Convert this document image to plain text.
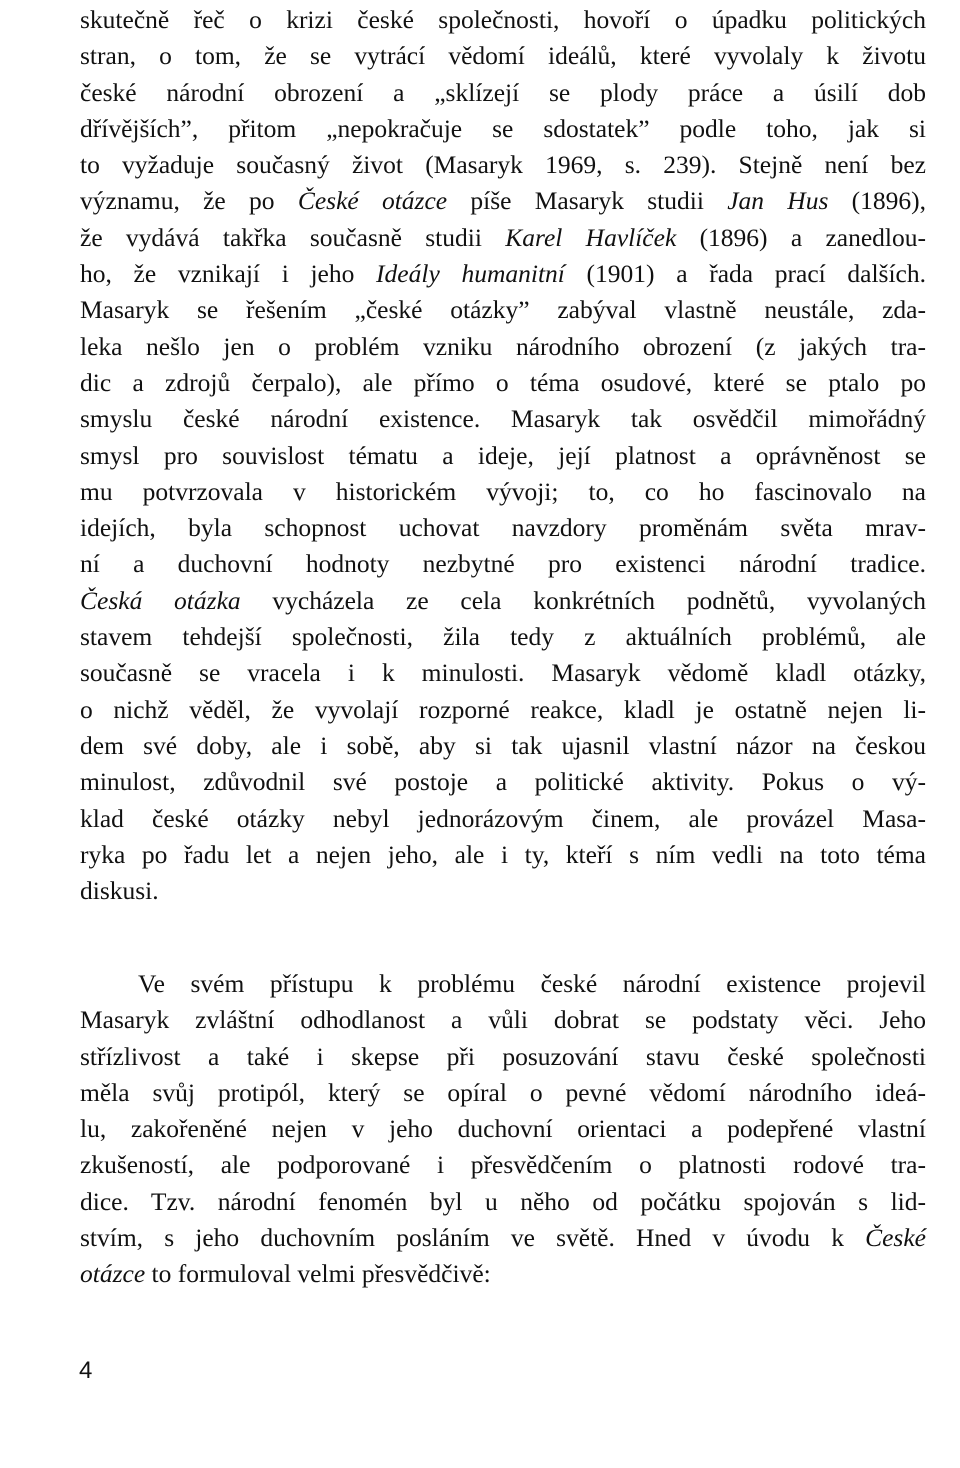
skutečně řeč o krizi české společnosti, hovoří o úpadku politických
stran, o tom, že se vytrácí vědomí ideálů, které vyvolaly k životu
české národní obrození a „sklízejí se plody práce a úsilí dob
dřívějších”, přitom „nepokračuje se sdostatek” podle toho, jak si
to vyžaduje současný život (Masaryk 1969, s. 239). Stejně není bez
významu, že po České otázce píše Masaryk studii Jan Hus (1896),
že vydává takřka současně studii Karel Havlíček (1896) a zanedlou-
ho, že vznikají i jeho Ideály humanitní (1901) a řada prací dalších.
Masaryk se řešením „české otázky” zabýval vlastně neustále, zda-
leka nešlo jen o problém vzniku národního obrození (z jakých tra-
dic a zdrojů čerpalo), ale přímo o téma osudové, které se ptalo po
smyslu české národní existence. Masaryk tak osvědčil mimořádný
smysl pro souvislost tématu a ideje, její platnost a oprávněnost se
mu potvrzovala v historickém vývoji; to, co ho fascinovalo na
idejích, byla schopnost uchovat navzdory proměnám světa mrav-
ní a duchovní hodnoty nezbytné pro existenci národní tradice.
Česká otázka vycházela ze cela konkrétních podnětů, vyvolaných
stavem tehdejší společnosti, žila tedy z aktuálních problémů, ale
současně se vracela i k minulosti. Masaryk vědomě kladl otázky,
o nichž věděl, že vyvolají rozporné reakce, kladl je ostatně nejen li-
dem své doby, ale i sobě, aby si tak ujasnil vlastní názor na českou
minulost, zdůvodnil své postoje a politické aktivity. Pokus o vý-
klad české otázky nebyl jednorázovým činem, ale provázel Masa-
ryka po řadu let a nejen jeho, ale i ty, kteří s ním vedli na toto téma
diskusi.
Ve svém přístupu k problému české národní existence projevil
Masaryk zvláštní odhodlanost a vůli dobrat se podstaty věci. Jeho
střízlivost a také i skepse při posuzování stavu české společnosti
měla svůj protipól, který se opíral o pevné vědomí národního ideá-
lu, zakořeněné nejen v jeho duchovní orientaci a podepřené vlastní
zkušeností, ale podporované i přesvědčením o platnosti rodové tra-
dice. Tzv. národní fenomén byl u něho od počátku spojován s lid-
stvím, s jeho duchovním posláním ve světě. Hned v úvodu k České
otázce to formuloval velmi přesvědčivě:
4
